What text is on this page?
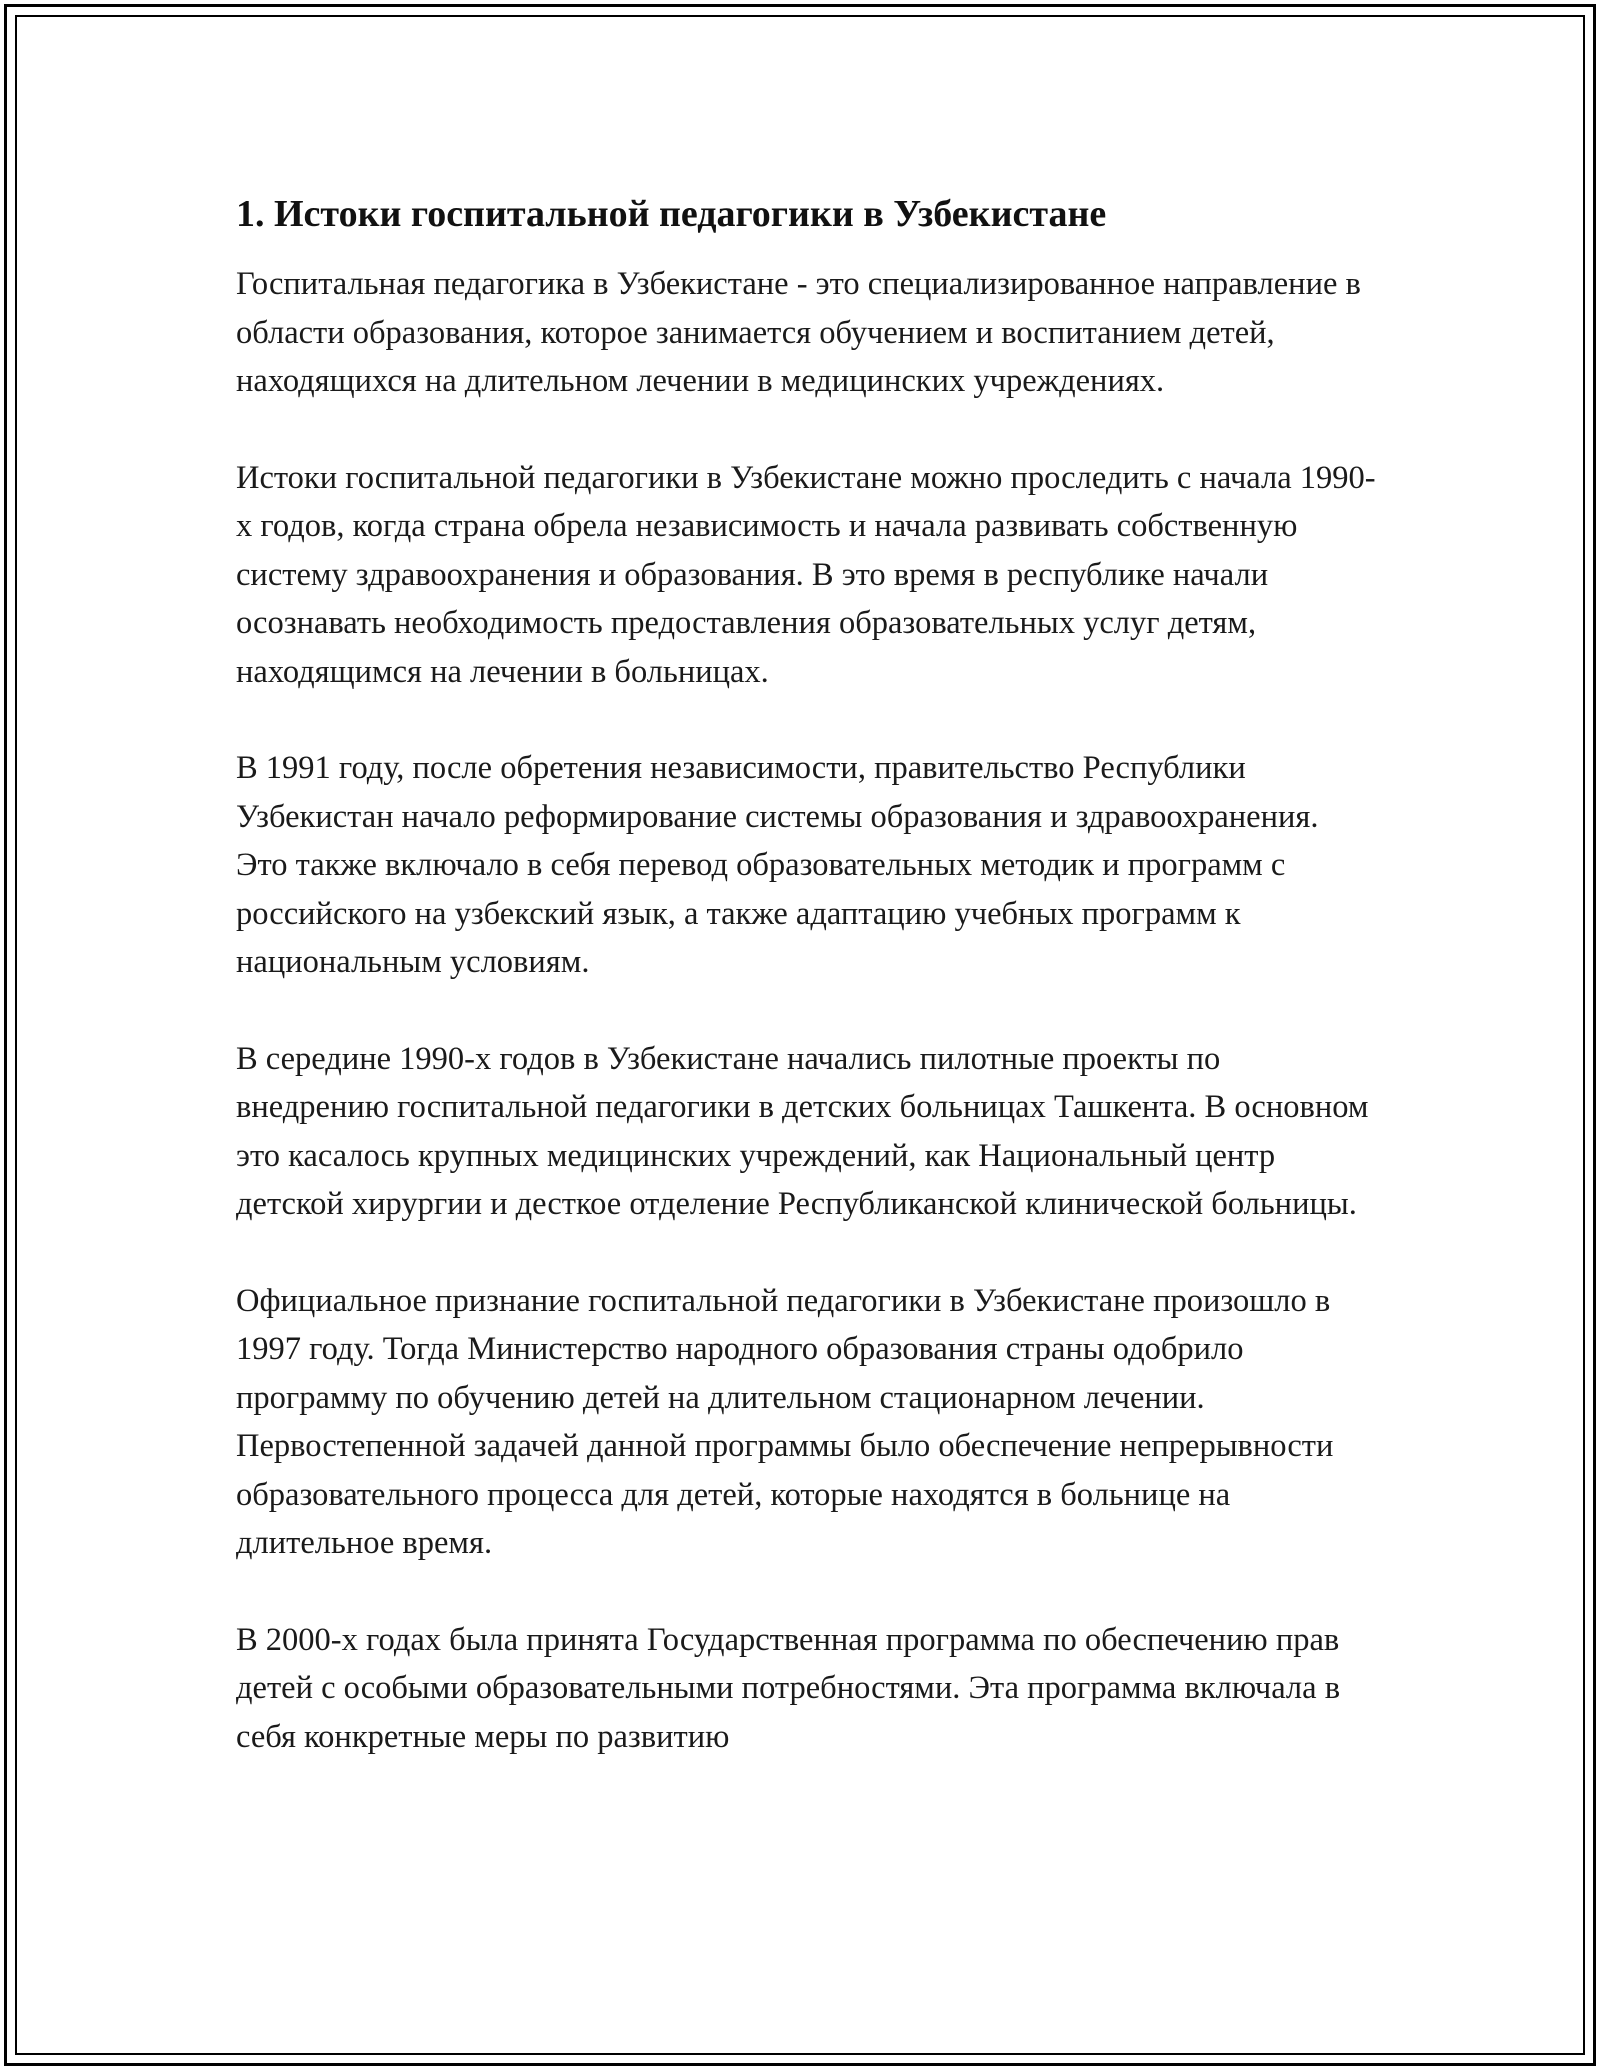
1. Истоки госпитальной педагогики в Узбекистане

Госпитальная педагогика в Узбекистане - это специализированное направление в области образования, которое занимается обучением и воспитанием детей, находящихся на длительном лечении в медицинских учреждениях.

Истоки госпитальной педагогики в Узбекистане можно проследить с начала 1990-х годов, когда страна обрела независимость и начала развивать собственную систему здравоохранения и образования. В это время в республике начали осознавать необходимость предоставления образовательных услуг детям, находящимся на лечении в больницах.

В 1991 году, после обретения независимости, правительство Республики Узбекистан начало реформирование системы образования и здравоохранения. Это также включало в себя перевод образовательных методик и программ с российского на узбекский язык, а также адаптацию учебных программ к национальным условиям.

В середине 1990-х годов в Узбекистане начались пилотные проекты по внедрению госпитальной педагогики в детских больницах Ташкента. В основном это касалось крупных медицинских учреждений, как Национальный центр детской хирургии и десткое отделение Республиканской клинической больницы.

Официальное признание госпитальной педагогики в Узбекистане произошло в 1997 году. Тогда Министерство народного образования страны одобрило программу по обучению детей на длительном стационарном лечении. Первостепенной задачей данной программы было обеспечение непрерывности образовательного процесса для детей, которые находятся в больнице на длительное время.

В 2000-х годах была принята Государственная программа по обеспечению прав детей с особыми образовательными потребностями. Эта программа включала в себя конкретные меры по развитию
